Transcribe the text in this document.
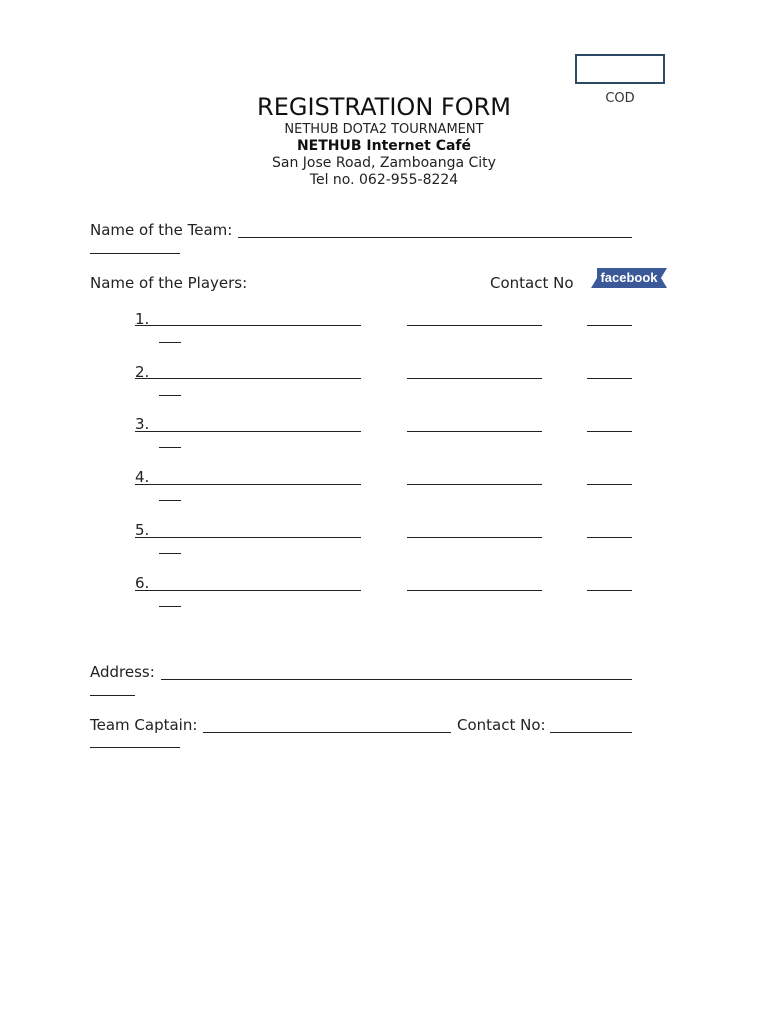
COD
REGISTRATION FORM
NETHUB DOTA2 TOURNAMENT
NETHUB Internet Café
San Jose Road, Zamboanga City
Tel no. 062-955-8224
Name of the Team:
Name of the Players:	Contact No	facebook
1.
2.
3.
4.
5.
6.
Address:
Team Captain:	Contact No:
